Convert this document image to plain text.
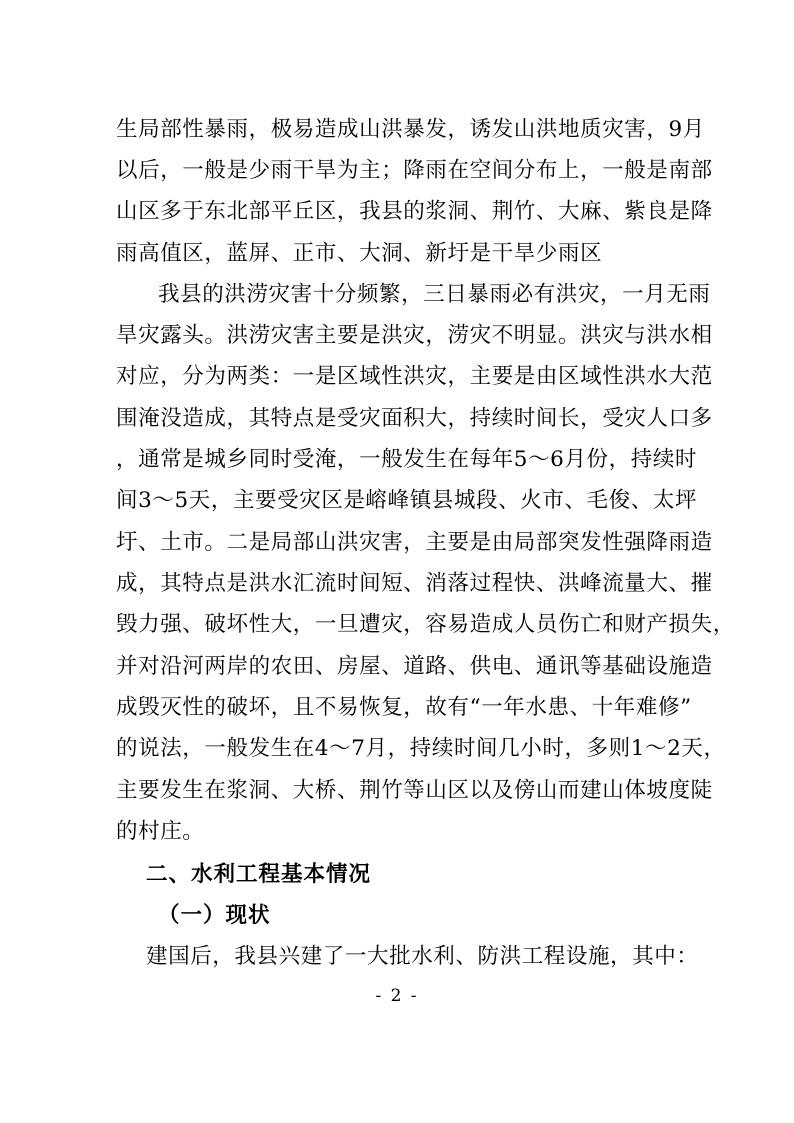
生局部性暴雨，极易造成山洪暴发，诱发山洪地质灾害，9月
以后，一般是少雨干旱为主；降雨在空间分布上，一般是南部
山区多于东北部平丘区，我县的浆洞、荆竹、大麻、紫良是降
雨高值区，蓝屏、正市、大洞、新圩是干旱少雨区
我县的洪涝灾害十分频繁，三日暴雨必有洪灾，一月无雨
旱灾露头。洪涝灾害主要是洪灾，涝灾不明显。洪灾与洪水相
对应，分为两类：一是区域性洪灾，主要是由区域性洪水大范
围淹没造成，其特点是受灾面积大，持续时间长，受灾人口多
，通常是城乡同时受淹，一般发生在每年5～6月份，持续时
间3～5天，主要受灾区是嵱峰镇县城段、火市、毛俊、太坪
圩、土市。二是局部山洪灾害，主要是由局部突发性强降雨造
成，其特点是洪水汇流时间短、消落过程快、洪峰流量大、摧
毁力强、破坏性大，一旦遭灾，容易造成人员伤亡和财产损失，
并对沿河两岸的农田、房屋、道路、供电、通讯等基础设施造
成毁灭性的破坏，且不易恢复，故有“一年水患、十年难修”
的说法，一般发生在4～7月，持续时间几小时，多则1～2天，
主要发生在浆洞、大桥、荆竹等山区以及傍山而建山体坡度陡
的村庄。
二、水利工程基本情况
（一）现状
建国后，我县兴建了一大批水利、防洪工程设施，其中：
- 2 -
